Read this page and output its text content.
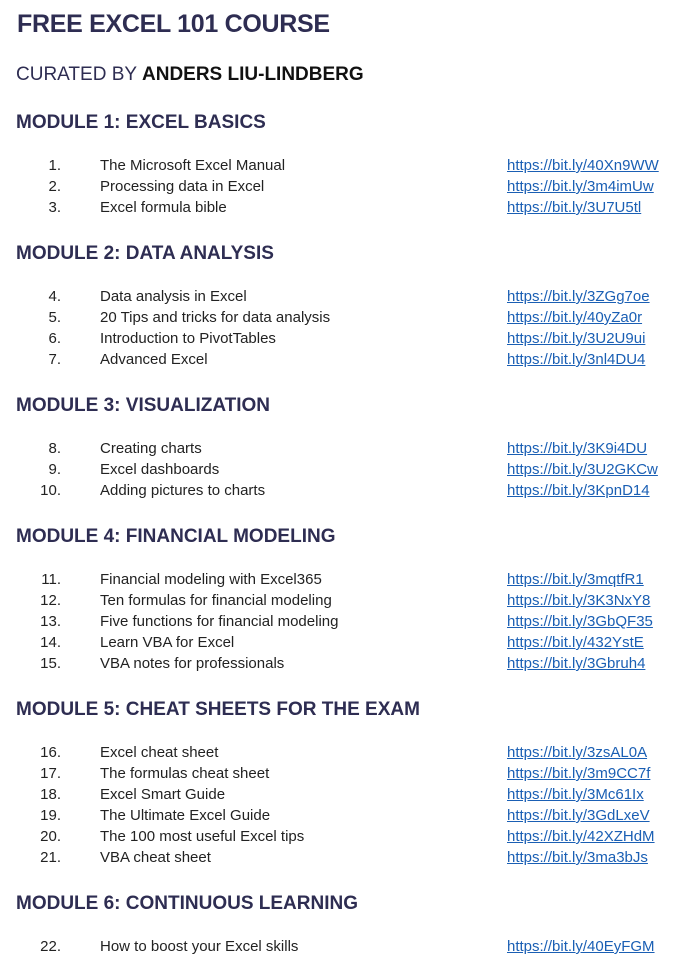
FREE EXCEL 101 COURSE
CURATED BY ANDERS LIU-LINDBERG
MODULE 1: EXCEL BASICS
1.	The Microsoft Excel Manual	https://bit.ly/40Xn9WW
2.	Processing data in Excel	https://bit.ly/3m4imUw
3.	Excel formula bible	https://bit.ly/3U7U5tl
MODULE 2: DATA ANALYSIS
4.	Data analysis in Excel	https://bit.ly/3ZGg7oe
5.	20 Tips and tricks for data analysis	https://bit.ly/40yZa0r
6.	Introduction to PivotTables	https://bit.ly/3U2U9ui
7.	Advanced Excel	https://bit.ly/3nl4DU4
MODULE 3: VISUALIZATION
8.	Creating charts	https://bit.ly/3K9i4DU
9.	Excel dashboards	https://bit.ly/3U2GKCw
10.	Adding pictures to charts	https://bit.ly/3KpnD14
MODULE 4: FINANCIAL MODELING
11.	Financial modeling with Excel365	https://bit.ly/3mqtfR1
12.	Ten formulas for financial modeling	https://bit.ly/3K3NxY8
13.	Five functions for financial modeling	https://bit.ly/3GbQF35
14.	Learn VBA for Excel	https://bit.ly/432YstE
15.	VBA notes for professionals	https://bit.ly/3Gbruh4
MODULE 5: CHEAT SHEETS FOR THE EXAM
16.	Excel cheat sheet	https://bit.ly/3zsAL0A
17.	The formulas cheat sheet	https://bit.ly/3m9CC7f
18.	Excel Smart Guide	https://bit.ly/3Mc61Ix
19.	The Ultimate Excel Guide	https://bit.ly/3GdLxeV
20.	The 100 most useful Excel tips	https://bit.ly/42XZHdM
21.	VBA cheat sheet	https://bit.ly/3ma3bJs
MODULE 6: CONTINUOUS LEARNING
22.	How to boost your Excel skills	https://bit.ly/40EyFGM
